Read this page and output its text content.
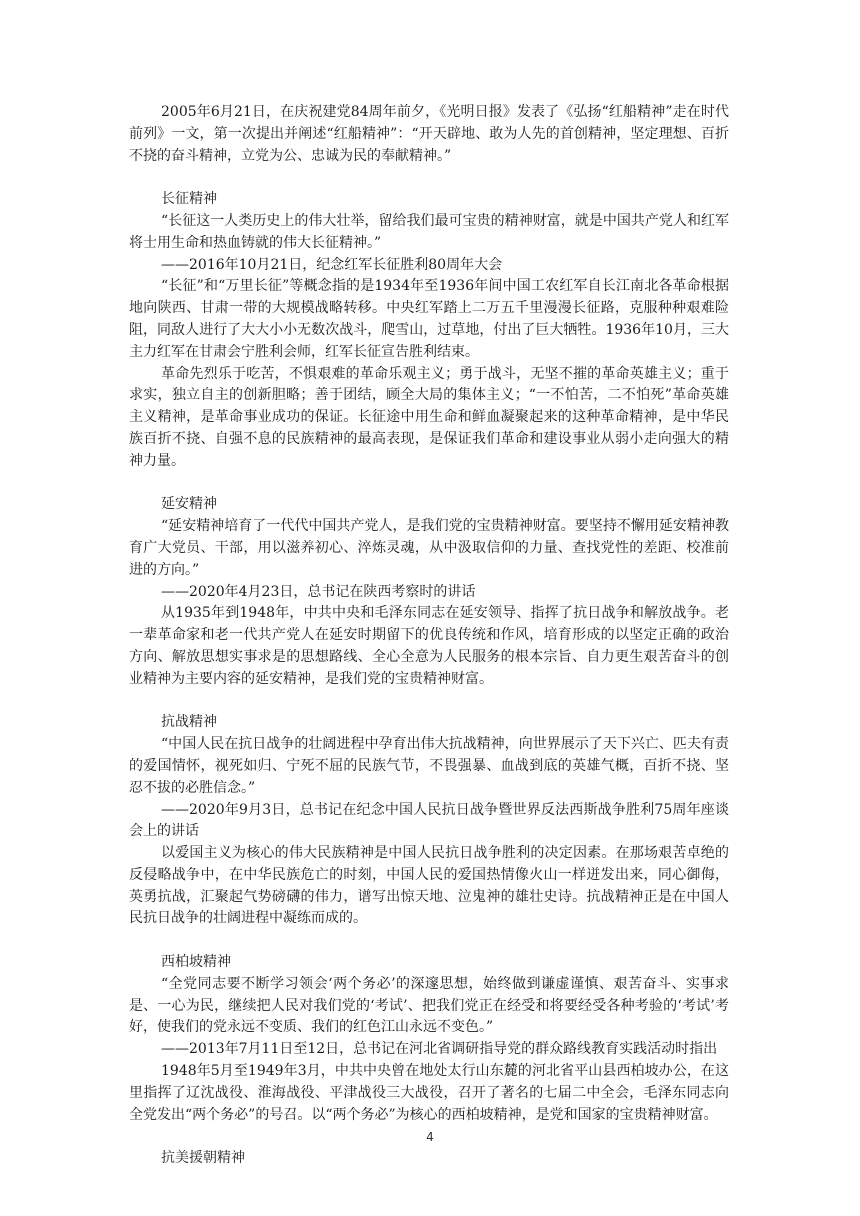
2005年6月21日，在庆祝建党84周年前夕，《光明日报》发表了《弘扬“红船精神”走在时代前列》一文，第一次提出并阐述“红船精神”：“开天辟地、敢为人先的首创精神，坚定理想、百折不挠的奋斗精神，立党为公、忠诚为民的奉献精神。”

长征精神

“长征这一人类历史上的伟大壮举，留给我们最可宝贵的精神财富，就是中国共产党人和红军将士用生命和热血铸就的伟大长征精神。”

——2016年10月21日，纪念红军长征胜利80周年大会

“长征”和“万里长征”等概念指的是1934年至1936年间中国工农红军自长江南北各革命根据地向陕西、甘肃一带的大规模战略转移。中央红军踏上二万五千里漫漫长征路，克服种种艰难险阻，同敌人进行了大大小小无数次战斗，爬雪山，过草地，付出了巨大牺牲。1936年10月，三大主力红军在甘肃会宁胜利会师，红军长征宣告胜利结束。

革命先烈乐于吃苦，不惧艰难的革命乐观主义；勇于战斗，无坚不摧的革命英雄主义；重于求实，独立自主的创新胆略；善于团结，顾全大局的集体主义；“一不怕苦，二不怕死”革命英雄主义精神，是革命事业成功的保证。长征途中用生命和鲜血凝聚起来的这种革命精神，是中华民族百折不挠、自强不息的民族精神的最高表现，是保证我们革命和建设事业从弱小走向强大的精神力量。

延安精神

“延安精神培育了一代代中国共产党人，是我们党的宝贵精神财富。要坚持不懈用延安精神教育广大党员、干部，用以滋养初心、淬炼灵魂，从中汲取信仰的力量、查找党性的差距、校准前进的方向。”

——2020年4月23日，总书记在陕西考察时的讲话

从1935年到1948年，中共中央和毛泽东同志在延安领导、指挥了抗日战争和解放战争。老一辈革命家和老一代共产党人在延安时期留下的优良传统和作风，培育形成的以坚定正确的政治方向、解放思想实事求是的思想路线、全心全意为人民服务的根本宗旨、自力更生艰苦奋斗的创业精神为主要内容的延安精神，是我们党的宝贵精神财富。

抗战精神

“中国人民在抗日战争的壮阔进程中孕育出伟大抗战精神，向世界展示了天下兴亡、匹夫有责的爱国情怀，视死如归、宁死不屈的民族气节，不畏强暴、血战到底的英雄气概，百折不挠、坚忍不拔的必胜信念。”

——2020年9月3日，总书记在纪念中国人民抗日战争暨世界反法西斯战争胜利75周年座谈会上的讲话

以爱国主义为核心的伟大民族精神是中国人民抗日战争胜利的决定因素。在那场艰苦卓绝的反侵略战争中，在中华民族危亡的时刻，中国人民的爱国热情像火山一样迸发出来，同心御侮，英勇抗战，汇聚起气势磅礴的伟力，谱写出惊天地、泣鬼神的雄壮史诗。抗战精神正是在中国人民抗日战争的壮阔进程中凝练而成的。

西柏坡精神

“全党同志要不断学习领会‘两个务必’的深邃思想，始终做到谦虚谨慎、艰苦奋斗、实事求是、一心为民，继续把人民对我们党的‘考试’、把我们党正在经受和将要经受各种考验的‘考试’考好，使我们的党永远不变质、我们的红色江山永远不变色。”

——2013年7月11日至12日，总书记在河北省调研指导党的群众路线教育实践活动时指出

1948年5月至1949年3月，中共中央曾在地处太行山东麓的河北省平山县西柏坡办公，在这里指挥了辽沈战役、淮海战役、平津战役三大战役，召开了著名的七届二中全会，毛泽东同志向全党发出“两个务必”的号召。以“两个务必”为核心的西柏坡精神，是党和国家的宝贵精神财富。

抗美援朝精神

4
